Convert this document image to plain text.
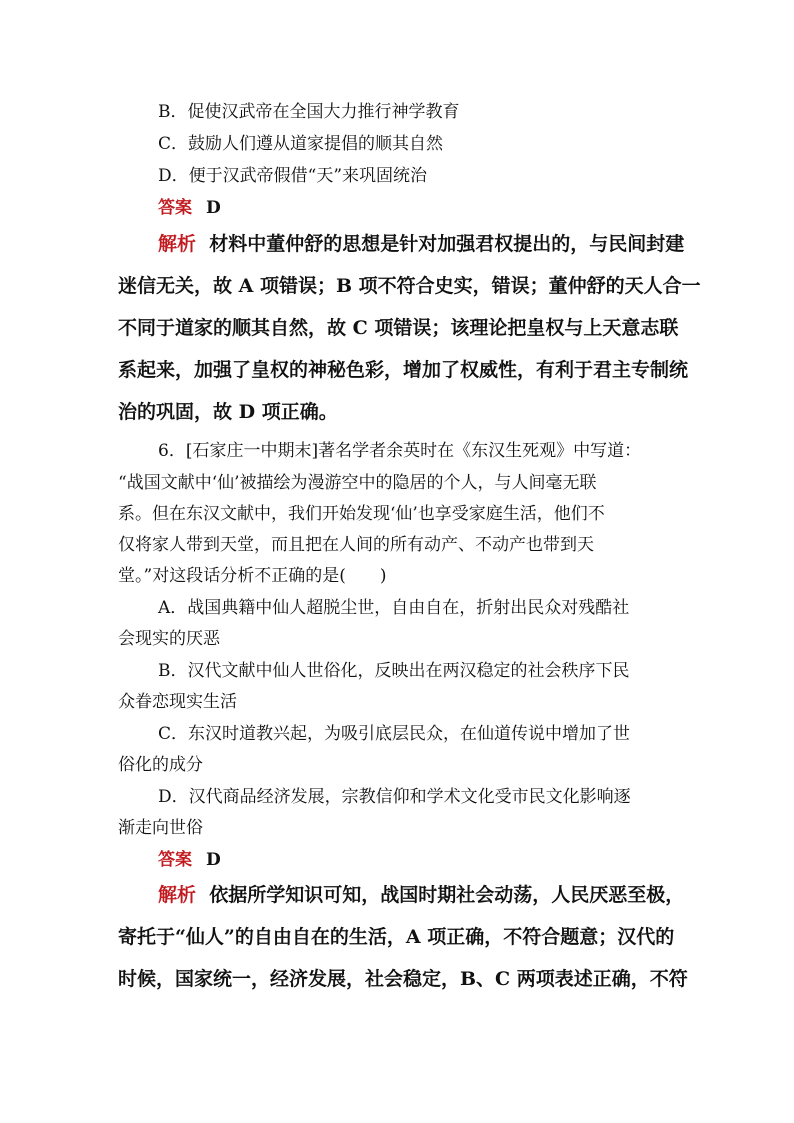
B．促使汉武帝在全国大力推行神学教育
C．鼓励人们遵从道家提倡的顺其自然
D．便于汉武帝假借“天”来巩固统治
答案 D
解析 材料中董仲舒的思想是针对加强君权提出的，与民间封建
迷信无关，故 A 项错误；B 项不符合史实，错误；董仲舒的天人合一
不同于道家的顺其自然，故 C 项错误；该理论把皇权与上天意志联
系起来，加强了皇权的神秘色彩，增加了权威性，有利于君主专制统
治的巩固，故 D 项正确。
6．[石家庄一中期末]著名学者余英时在《东汉生死观》中写道：
“战国文献中‘仙’被描绘为漫游空中的隐居的个人，与人间毫无联
系。但在东汉文献中，我们开始发现‘仙’也享受家庭生活，他们不
仅将家人带到天堂，而且把在人间的所有动产、不动产也带到天
堂。”对这段话分析不正确的是(　　)
A．战国典籍中仙人超脱尘世，自由自在，折射出民众对残酷社
会现实的厌恶
B．汉代文献中仙人世俗化，反映出在两汉稳定的社会秩序下民
众眷恋现实生活
C．东汉时道教兴起，为吸引底层民众，在仙道传说中增加了世
俗化的成分
D．汉代商品经济发展，宗教信仰和学术文化受市民文化影响逐
渐走向世俗
答案 D
解析 依据所学知识可知，战国时期社会动荡，人民厌恶至极，
寄托于“仙人”的自由自在的生活，A 项正确，不符合题意；汉代的
时候，国家统一，经济发展，社会稳定，B、C 两项表述正确，不符
